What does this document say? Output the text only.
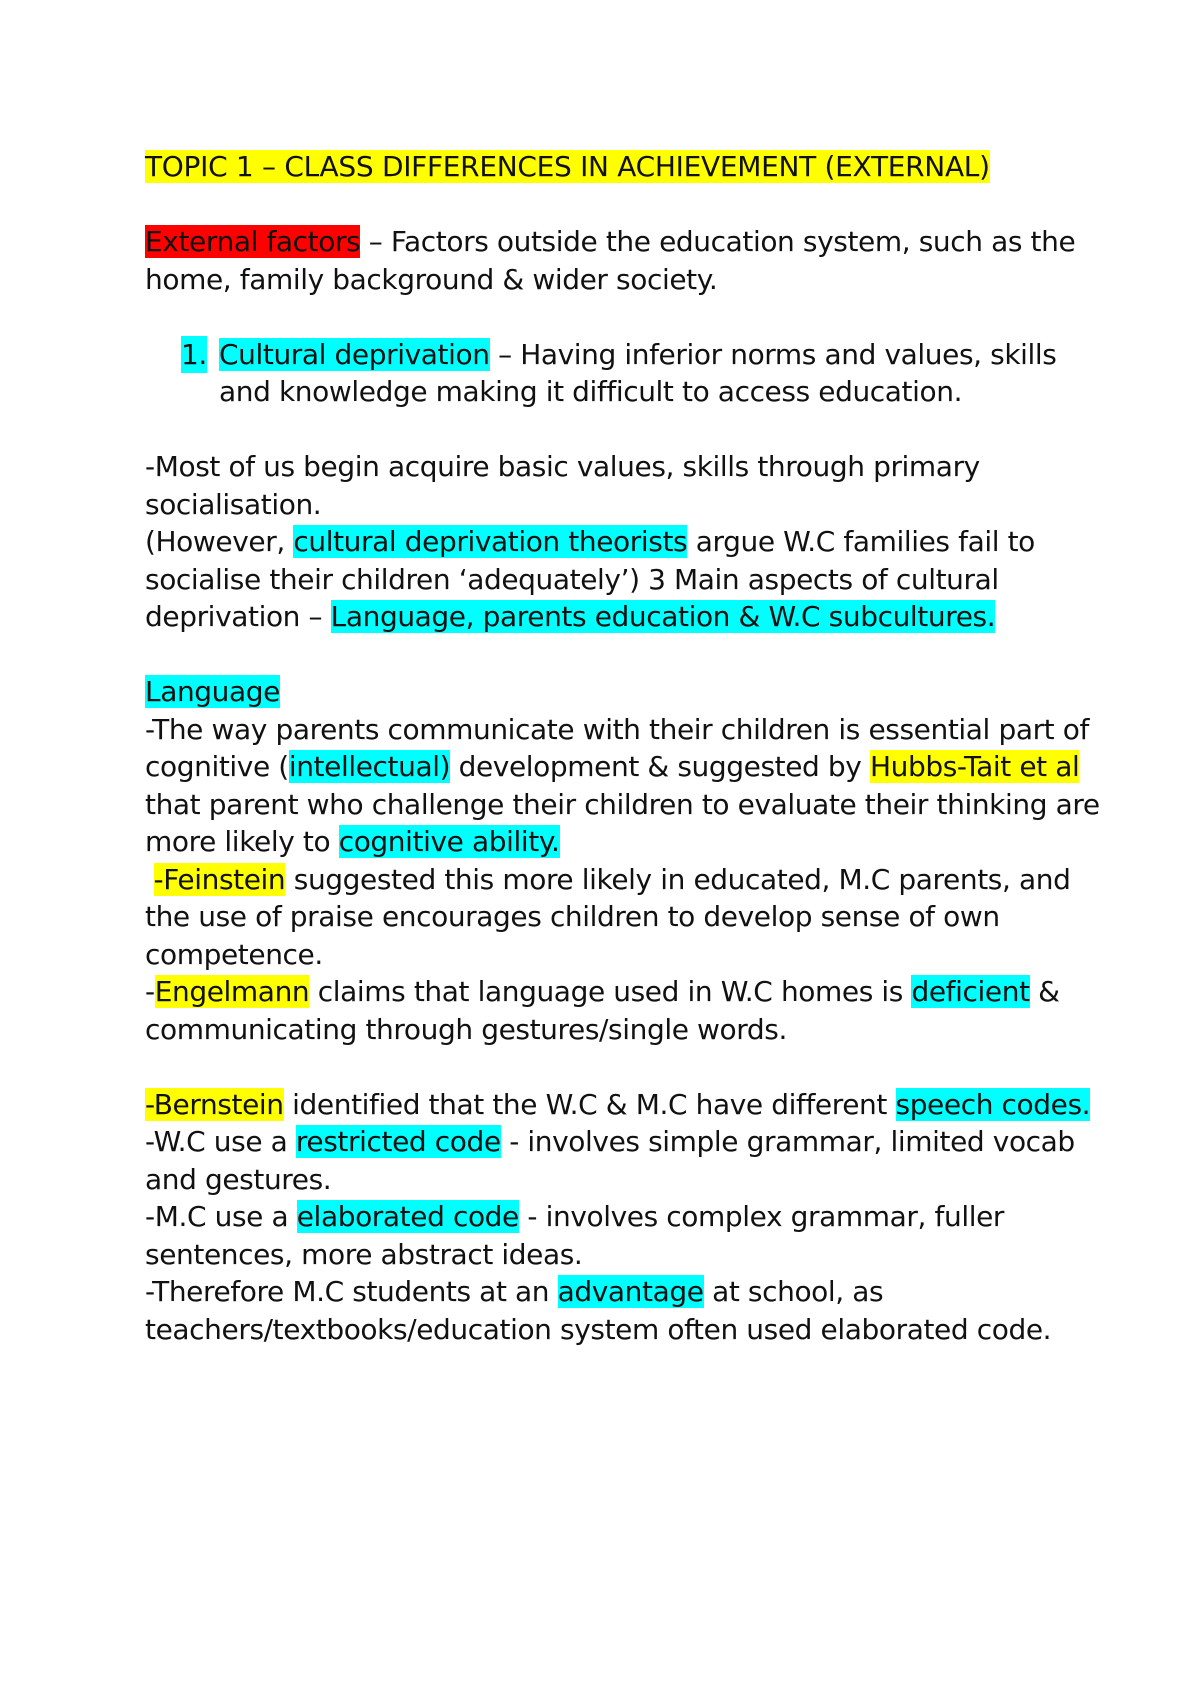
TOPIC 1 – CLASS DIFFERENCES IN ACHIEVEMENT (EXTERNAL)

External factors – Factors outside the education system, such as the home, family background & wider society.

1. Cultural deprivation – Having inferior norms and values, skills and knowledge making it difficult to access education.

-Most of us begin acquire basic values, skills through primary socialisation.

(However, cultural deprivation theorists argue W.C families fail to socialise their children ‘adequately’) 3 Main aspects of cultural deprivation – Language, parents education & W.C subcultures.

Language

-The way parents communicate with their children is essential part of cognitive (intellectual) development & suggested by Hubbs-Tait et al that parent who challenge their children to evaluate their thinking are more likely to cognitive ability.

-Feinstein suggested this more likely in educated, M.C parents, and the use of praise encourages children to develop sense of own competence.

-Engelmann claims that language used in W.C homes is deficient & communicating through gestures/single words.

-Bernstein identified that the W.C & M.C have different speech codes.

-W.C use a restricted code - involves simple grammar, limited vocab and gestures.

-M.C use a elaborated code - involves complex grammar, fuller sentences, more abstract ideas.

-Therefore M.C students at an advantage at school, as teachers/textbooks/education system often used elaborated code.
